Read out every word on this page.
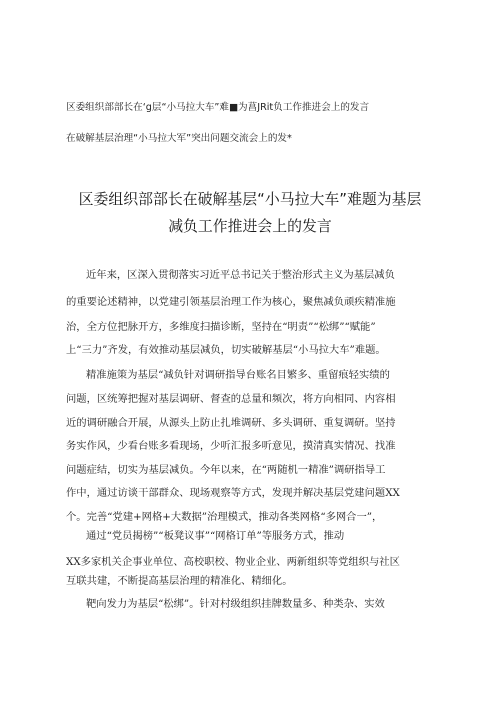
区委组织部部长在‘g层“小马拉大车”难■为菖JRit负工作推进会上的发言
在破解基层治理“小马拉大军”突出问题交流会上的发*
区委组织部部长在破解基层“小马拉大车”难题为基层
减负工作推进会上的发言
近年来，区深入贯彻落实习近平总书记关于整治形式主义为基层减负
的重要论述精神，以党建引领基层治理工作为核心，聚焦减负顽疾精准施
治，全方位把脉开方，多维度扫描诊断，坚持在“明责”“松绑”“赋能”
上“三力”齐发，有效推动基层减负，切实破解基层“小马拉大车”难题。
精准施策为基层“减负针对调研指导台账名目繁多、重留痕轻实绩的
问题，区统筹把握对基层调研、督查的总量和频次，将方向相同、内容相
近的调研融合开展，从源头上防止扎堆调研、多头调研、重复调研。坚持
务实作风，少看台账多看现场，少听汇报多听意见，摸清真实情况、找准
问题症结，切实为基层减负。今年以来，在“两随机一精准”调研指导工
作中，通过访谈干部群众、现场观察等方式，发现并解决基层党建问题XX
个。完善“党建+网格+大数据”治理模式，推动各类网格“多网合一”，
通过“党员揭榜”“板凳议事”“网格订单”等服务方式，推动
XX多家机关企事业单位、高校职校、物业企业、两新组织等党组织与社区
互联共建，不断提高基层治理的精准化、精细化。
靶向发力为基层“松绑”。针对村级组织挂牌数量多、种类杂、实效
